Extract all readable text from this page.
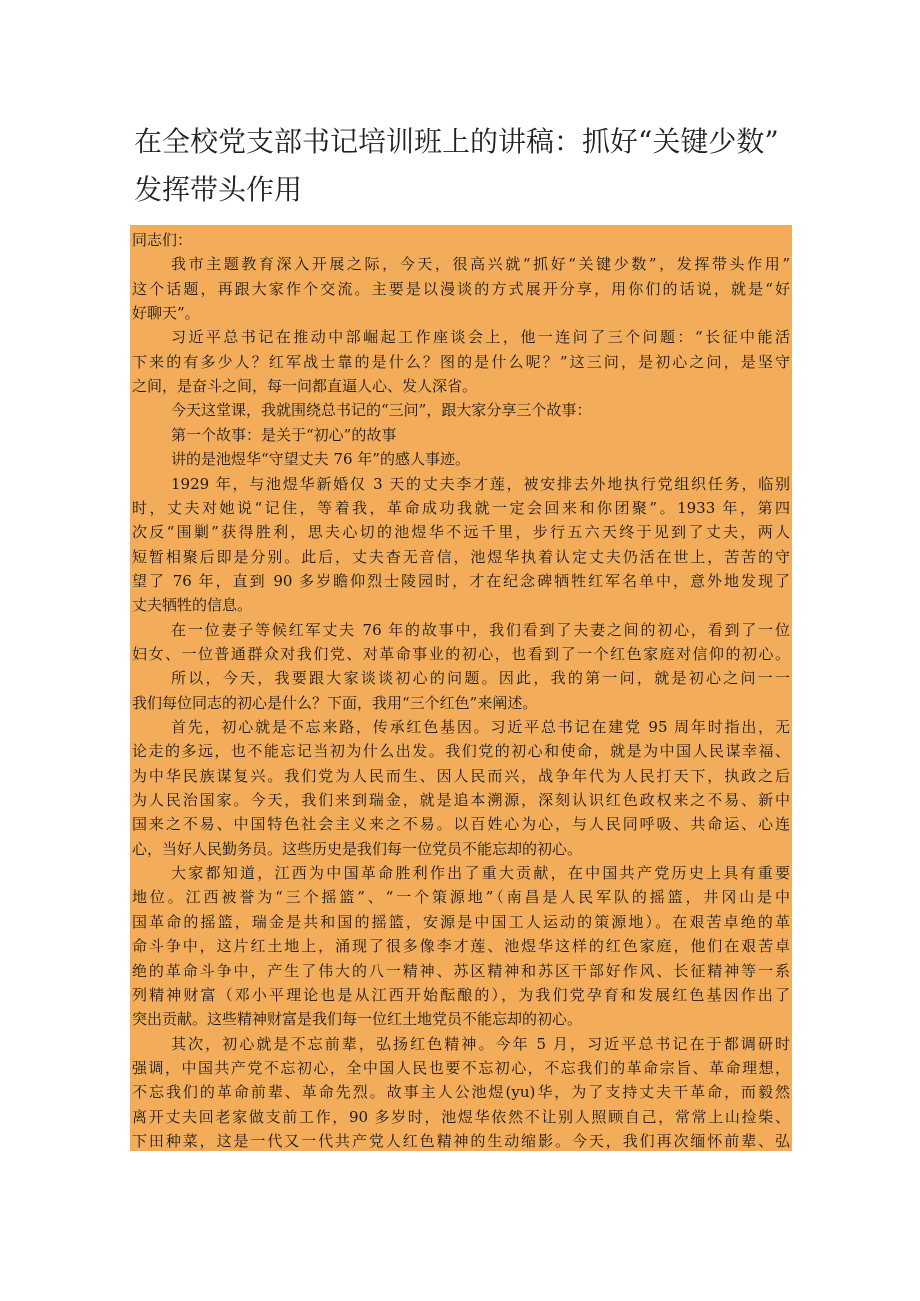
在全校党支部书记培训班上的讲稿：抓好“关键少数”
发挥带头作用
同志们：
我市主题教育深入开展之际，今天，很高兴就“抓好“关键少数”，发挥带头作用”
这个话题，再跟大家作个交流。主要是以漫谈的方式展开分享，用你们的话说，就是“好
好聊天”。
习近平总书记在推动中部崛起工作座谈会上，他一连问了三个问题：“长征中能活
下来的有多少人？红军战士靠的是什么？图的是什么呢？”这三问，是初心之问，是坚守
之间，是奋斗之间，每一问都直逼人心、发人深省。
今天这堂课，我就围绕总书记的“三问”，跟大家分享三个故事：
第一个故事：是关于“初心”的故事
讲的是池煜华“守望丈夫 76 年”的感人事迹。
1929 年，与池煜华新婚仅 3 天的丈夫李才莲，被安排去外地执行党组织任务，临别
时，丈夫对她说“记住，等着我，革命成功我就一定会回来和你团聚”。1933 年，第四
次反“围剿”获得胜利，思夫心切的池煜华不远千里，步行五六天终于见到了丈夫，两人
短暂相聚后即是分别。此后，丈夫杳无音信，池煜华执着认定丈夫仍活在世上，苦苦的守
望了 76 年，直到 90 多岁瞻仰烈士陵园时，才在纪念碑牺牲红军名单中，意外地发现了
丈夫牺牲的信息。
在一位妻子等候红军丈夫 76 年的故事中，我们看到了夫妻之间的初心，看到了一位
妇女、一位普通群众对我们党、对革命事业的初心，也看到了一个红色家庭对信仰的初心。
所以，今天，我要跟大家谈谈初心的问题。因此，我的第一问，就是初心之问一一
我们每位同志的初心是什么？下面，我用“三个红色”来阐述。
首先，初心就是不忘来路，传承红色基因。习近平总书记在建党 95 周年时指出，无
论走的多远，也不能忘记当初为什么出发。我们党的初心和使命，就是为中国人民谋幸福、
为中华民族谋复兴。我们党为人民而生、因人民而兴，战争年代为人民打天下，执政之后
为人民治国家。今天，我们来到瑞金，就是追本溯源，深刻认识红色政权来之不易、新中
国来之不易、中国特色社会主义来之不易。以百姓心为心，与人民同呼吸、共命运、心连
心，当好人民勤务员。这些历史是我们每一位党员不能忘却的初心。
大家都知道，江西为中国革命胜利作出了重大贡献，在中国共产党历史上具有重要
地位。江西被誉为“三个摇篮”、“一个策源地”（南昌是人民军队的摇篮，井冈山是中
国革命的摇篮，瑞金是共和国的摇篮，安源是中国工人运动的策源地）。在艰苦卓绝的革
命斗争中，这片红土地上，涌现了很多像李才莲、池煜华这样的红色家庭，他们在艰苦卓
绝的革命斗争中，产生了伟大的八一精神、苏区精神和苏区干部好作风、长征精神等一系
列精神财富（邓小平理论也是从江西开始酝酿的），为我们党孕育和发展红色基因作出了
突出贡献。这些精神财富是我们每一位红土地党员不能忘却的初心。
其次，初心就是不忘前辈，弘扬红色精神。今年 5 月，习近平总书记在于都调研时
强调，中国共产党不忘初心，全中国人民也要不忘初心，不忘我们的革命宗旨、革命理想，
不忘我们的革命前辈、革命先烈。故事主人公池煜(yu)华，为了支持丈夫干革命，而毅然
离开丈夫回老家做支前工作，90 多岁时，池煜华依然不让别人照顾自己，常常上山捡柴、
下田种菜，这是一代又一代共产党人红色精神的生动缩影。今天，我们再次缅怀前辈、弘
